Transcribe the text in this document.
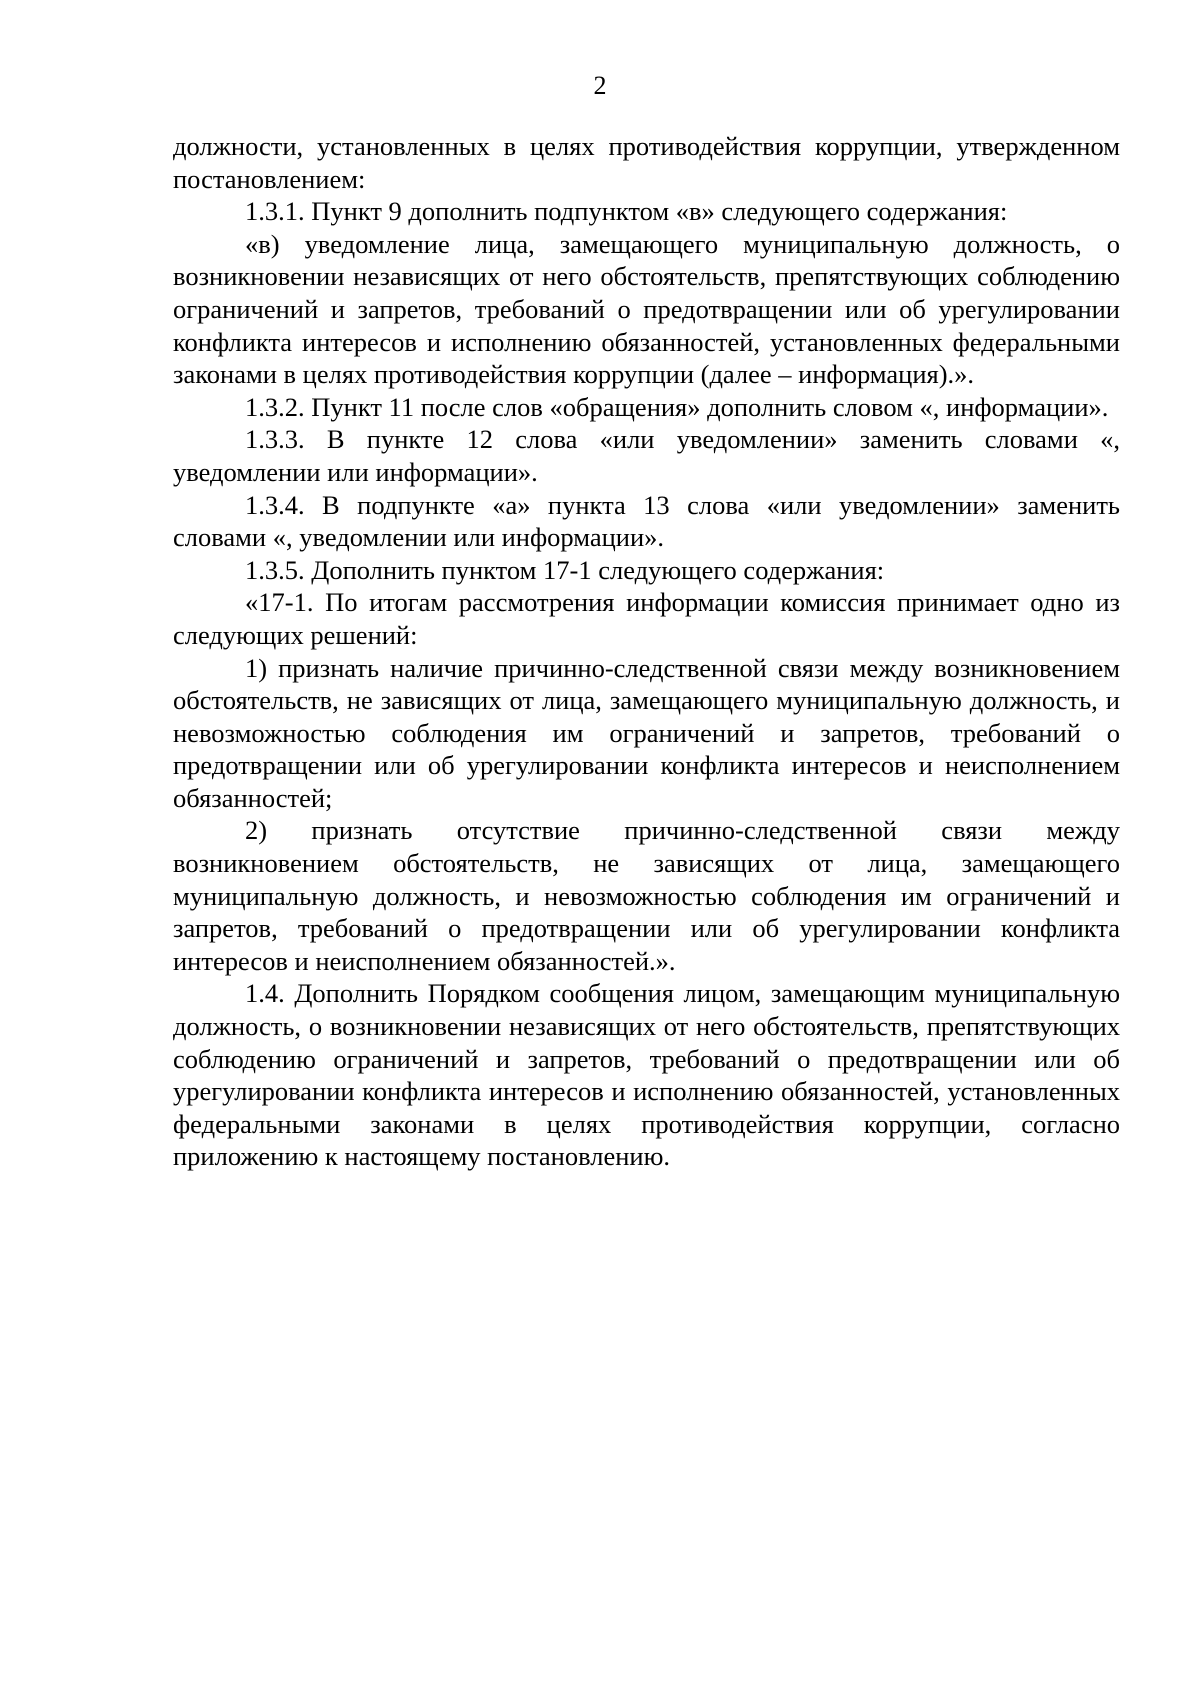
2

должности, установленных в целях противодействия коррупции, утвержденном постановлением:

1.3.1. Пункт 9 дополнить подпунктом «в» следующего содержания:

«в) уведомление лица, замещающего муниципальную должность, о возникновении независящих от него обстоятельств, препятствующих соблюдению ограничений и запретов, требований о предотвращении или об урегулировании конфликта интересов и исполнению обязанностей, установленных федеральными законами в целях противодействия коррупции (далее – информация).».

1.3.2. Пункт 11 после слов «обращения» дополнить словом «, информации».

1.3.3. В пункте 12 слова «или уведомлении» заменить словами «, уведомлении или информации».

1.3.4. В подпункте «а» пункта 13 слова «или уведомлении» заменить словами «, уведомлении или информации».

1.3.5. Дополнить пунктом 17-1 следующего содержания:

«17-1. По итогам рассмотрения информации комиссия принимает одно из следующих решений:

1) признать наличие причинно-следственной связи между возникновением обстоятельств, не зависящих от лица, замещающего муниципальную должность, и невозможностью соблюдения им ограничений и запретов, требований о предотвращении или об урегулировании конфликта интересов и неисполнением обязанностей;

2) признать отсутствие причинно-следственной связи между возникновением обстоятельств, не зависящих от лица, замещающего муниципальную должность, и невозможностью соблюдения им ограничений и запретов, требований о предотвращении или об урегулировании конфликта интересов и неисполнением обязанностей.».

1.4. Дополнить Порядком сообщения лицом, замещающим муниципальную должность, о возникновении независящих от него обстоятельств, препятствующих соблюдению ограничений и запретов, требований о предотвращении или об урегулировании конфликта интересов и исполнению обязанностей, установленных федеральными законами в целях противодействия коррупции, согласно приложению к настоящему постановлению.
